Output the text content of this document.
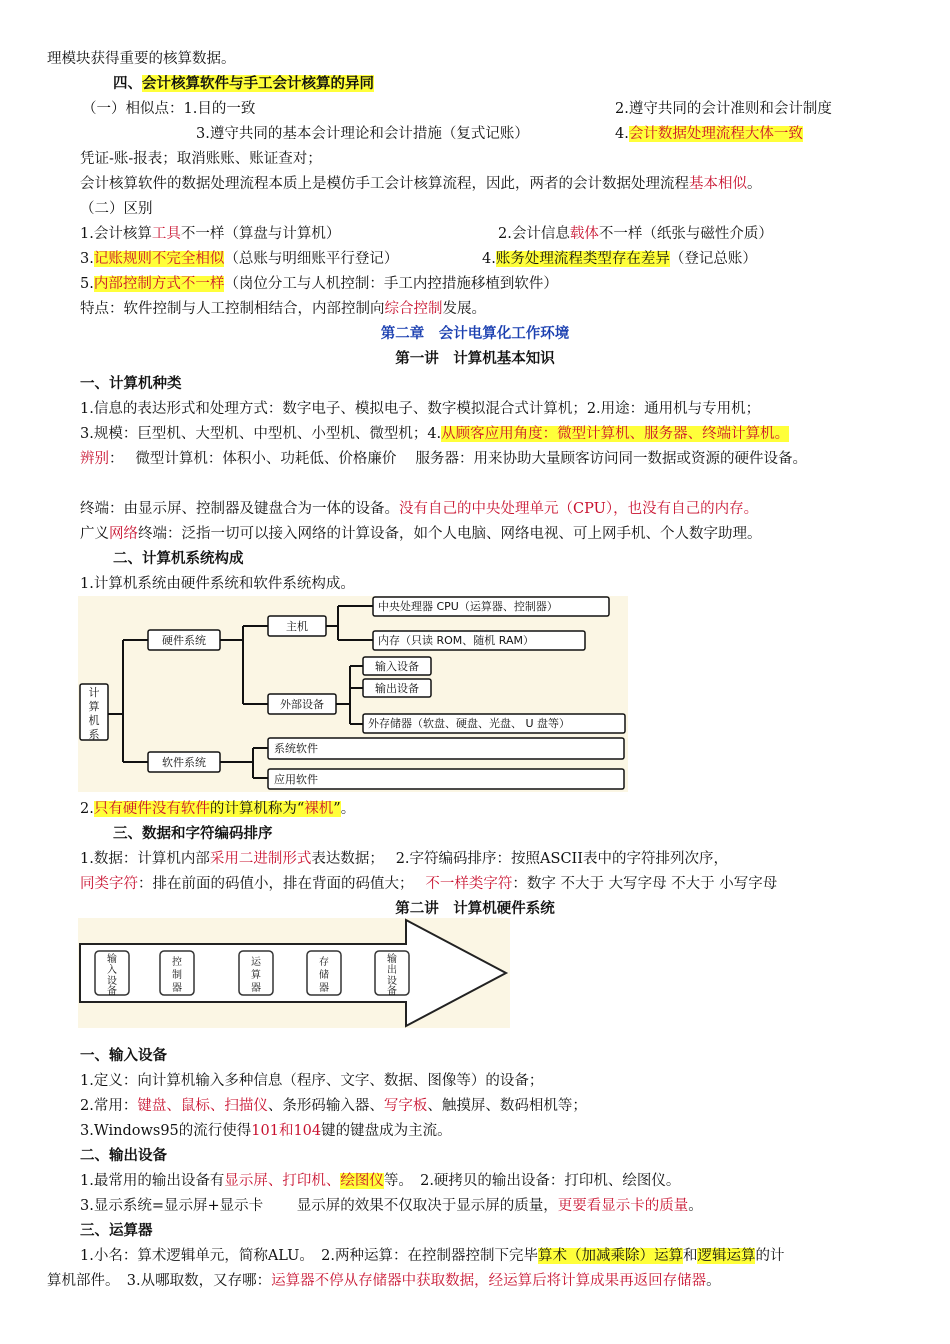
理模块获得重要的核算数据。
四、会计核算软件与手工会计核算的异同
（一）相似点：1.目的一致	2.遵守共同的会计准则和会计制度
3.遵守共同的基本会计理论和会计措施（复式记账）	4.会计数据处理流程大体一致
凭证-账-报表；取消账账、账证查对；
会计核算软件的数据处理流程本质上是模仿手工会计核算流程，因此，两者的会计数据处理流程基本相似。
（二）区别
1.会计核算工具不一样（算盘与计算机）	2.会计信息载体不一样（纸张与磁性介质）
3.记账规则不完全相似（总账与明细账平行登记）	4.账务处理流程类型存在差异（登记总账）
5.内部控制方式不一样（岗位分工与人机控制：手工内控措施移植到软件）
特点：软件控制与人工控制相结合，内部控制向综合控制发展。
第二章　会计电算化工作环境
第一讲　计算机基本知识
一、计算机种类
1.信息的表达形式和处理方式：数字电子、模拟电子、数字模拟混合式计算机；2.用途：通用机与专用机；
3.规模：巨型机、大型机、中型机、小型机、微型机；4.从顾客应用角度：微型计算机、服务器、终端计算机。
辨别：　 微型计算机：体积小、功耗低、价格廉价　 服务器：用来协助大量顾客访问同一数据或资源的硬件设备。
终端：由显示屏、控制器及键盘合为一体的设备。没有自己的中央处理单元（CPU），也没有自己的内存。
广义网络终端：泛指一切可以接入网络的计算设备，如个人电脑、网络电视、可上网手机、个人数字助理。
二、计算机系统构成
1.计算机系统由硬件系统和软件系统构成。
计
算
机
系
硬件系统
主机
中央处理器 CPU（运算器、控制器）
内存（只读 ROM、随机 RAM）
外部设备
输入设备
输出设备
外存储器（软盘、硬盘、光盘、 U 盘等）
软件系统
系统软件
应用软件
2.只有硬件没有软件的计算机称为“裸机”。
三、数据和字符编码排序
1.数据：计算机内部采用二进制形式表达数据；　 2.字符编码排序：按照ASCII表中的字符排列次序，
同类字符：排在前面的码值小，排在背面的码值大；　 不一样类字符：数字 不大于 大写字母 不大于 小写字母
第二讲　计算机硬件系统
输
入
设
备
控
制
器
运
算
器
存
储
器
输
出
设
备
一、输入设备
1.定义：向计算机输入多种信息（程序、文字、数据、图像等）的设备；
2.常用：键盘、鼠标、扫描仪、条形码输入器、写字板、触摸屏、数码相机等；
3.Windows95的流行使得101和104键的键盘成为主流。
二、输出设备
1.最常用的输出设备有显示屏、打印机、绘图仪等。　2.硬拷贝的输出设备：打印机、绘图仪。
3.显示系统=显示屏+显示卡　　 显示屏的效果不仅取决于显示屏的质量，更要看显示卡的质量。
三、运算器
1.小名：算术逻辑单元，简称ALU。　2.两种运算：在控制器控制下完毕算术（加减乘除）运算和逻辑运算的计
算机部件。　3.从哪取数，又存哪：运算器不停从存储器中获取数据，经运算后将计算成果再返回存储器。
